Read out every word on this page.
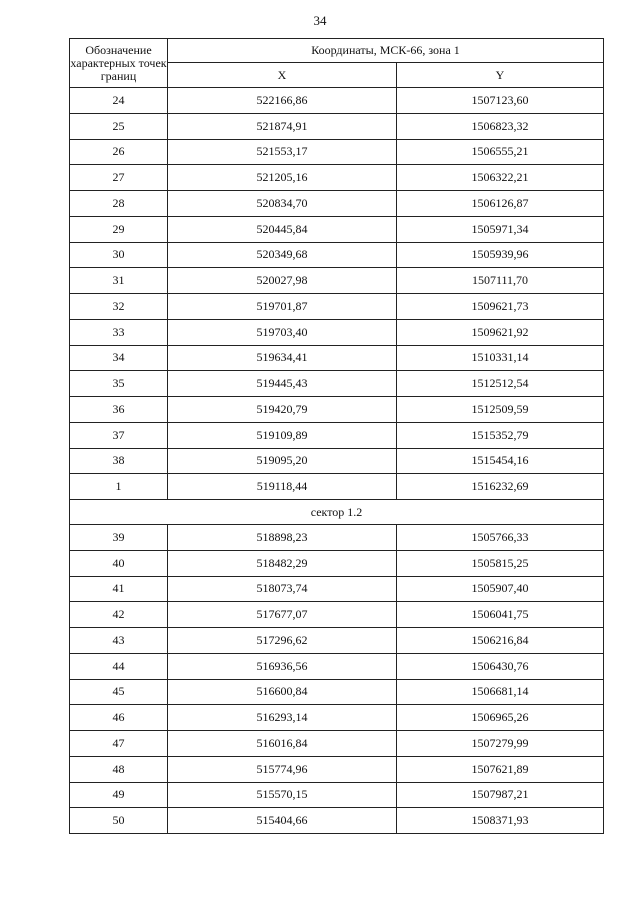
34
Обозначение характерных точек границ	Координаты, МСК-66, зона 1	
	X	Y
24	522166,86	1507123,60
25	521874,91	1506823,32
26	521553,17	1506555,21
27	521205,16	1506322,21
28	520834,70	1506126,87
29	520445,84	1505971,34
30	520349,68	1505939,96
31	520027,98	1507111,70
32	519701,87	1509621,73
33	519703,40	1509621,92
34	519634,41	1510331,14
35	519445,43	1512512,54
36	519420,79	1512509,59
37	519109,89	1515352,79
38	519095,20	1515454,16
1	519118,44	1516232,69
сектор 1.2		
39	518898,23	1505766,33
40	518482,29	1505815,25
41	518073,74	1505907,40
42	517677,07	1506041,75
43	517296,62	1506216,84
44	516936,56	1506430,76
45	516600,84	1506681,14
46	516293,14	1506965,26
47	516016,84	1507279,99
48	515774,96	1507621,89
49	515570,15	1507987,21
50	515404,66	1508371,93
